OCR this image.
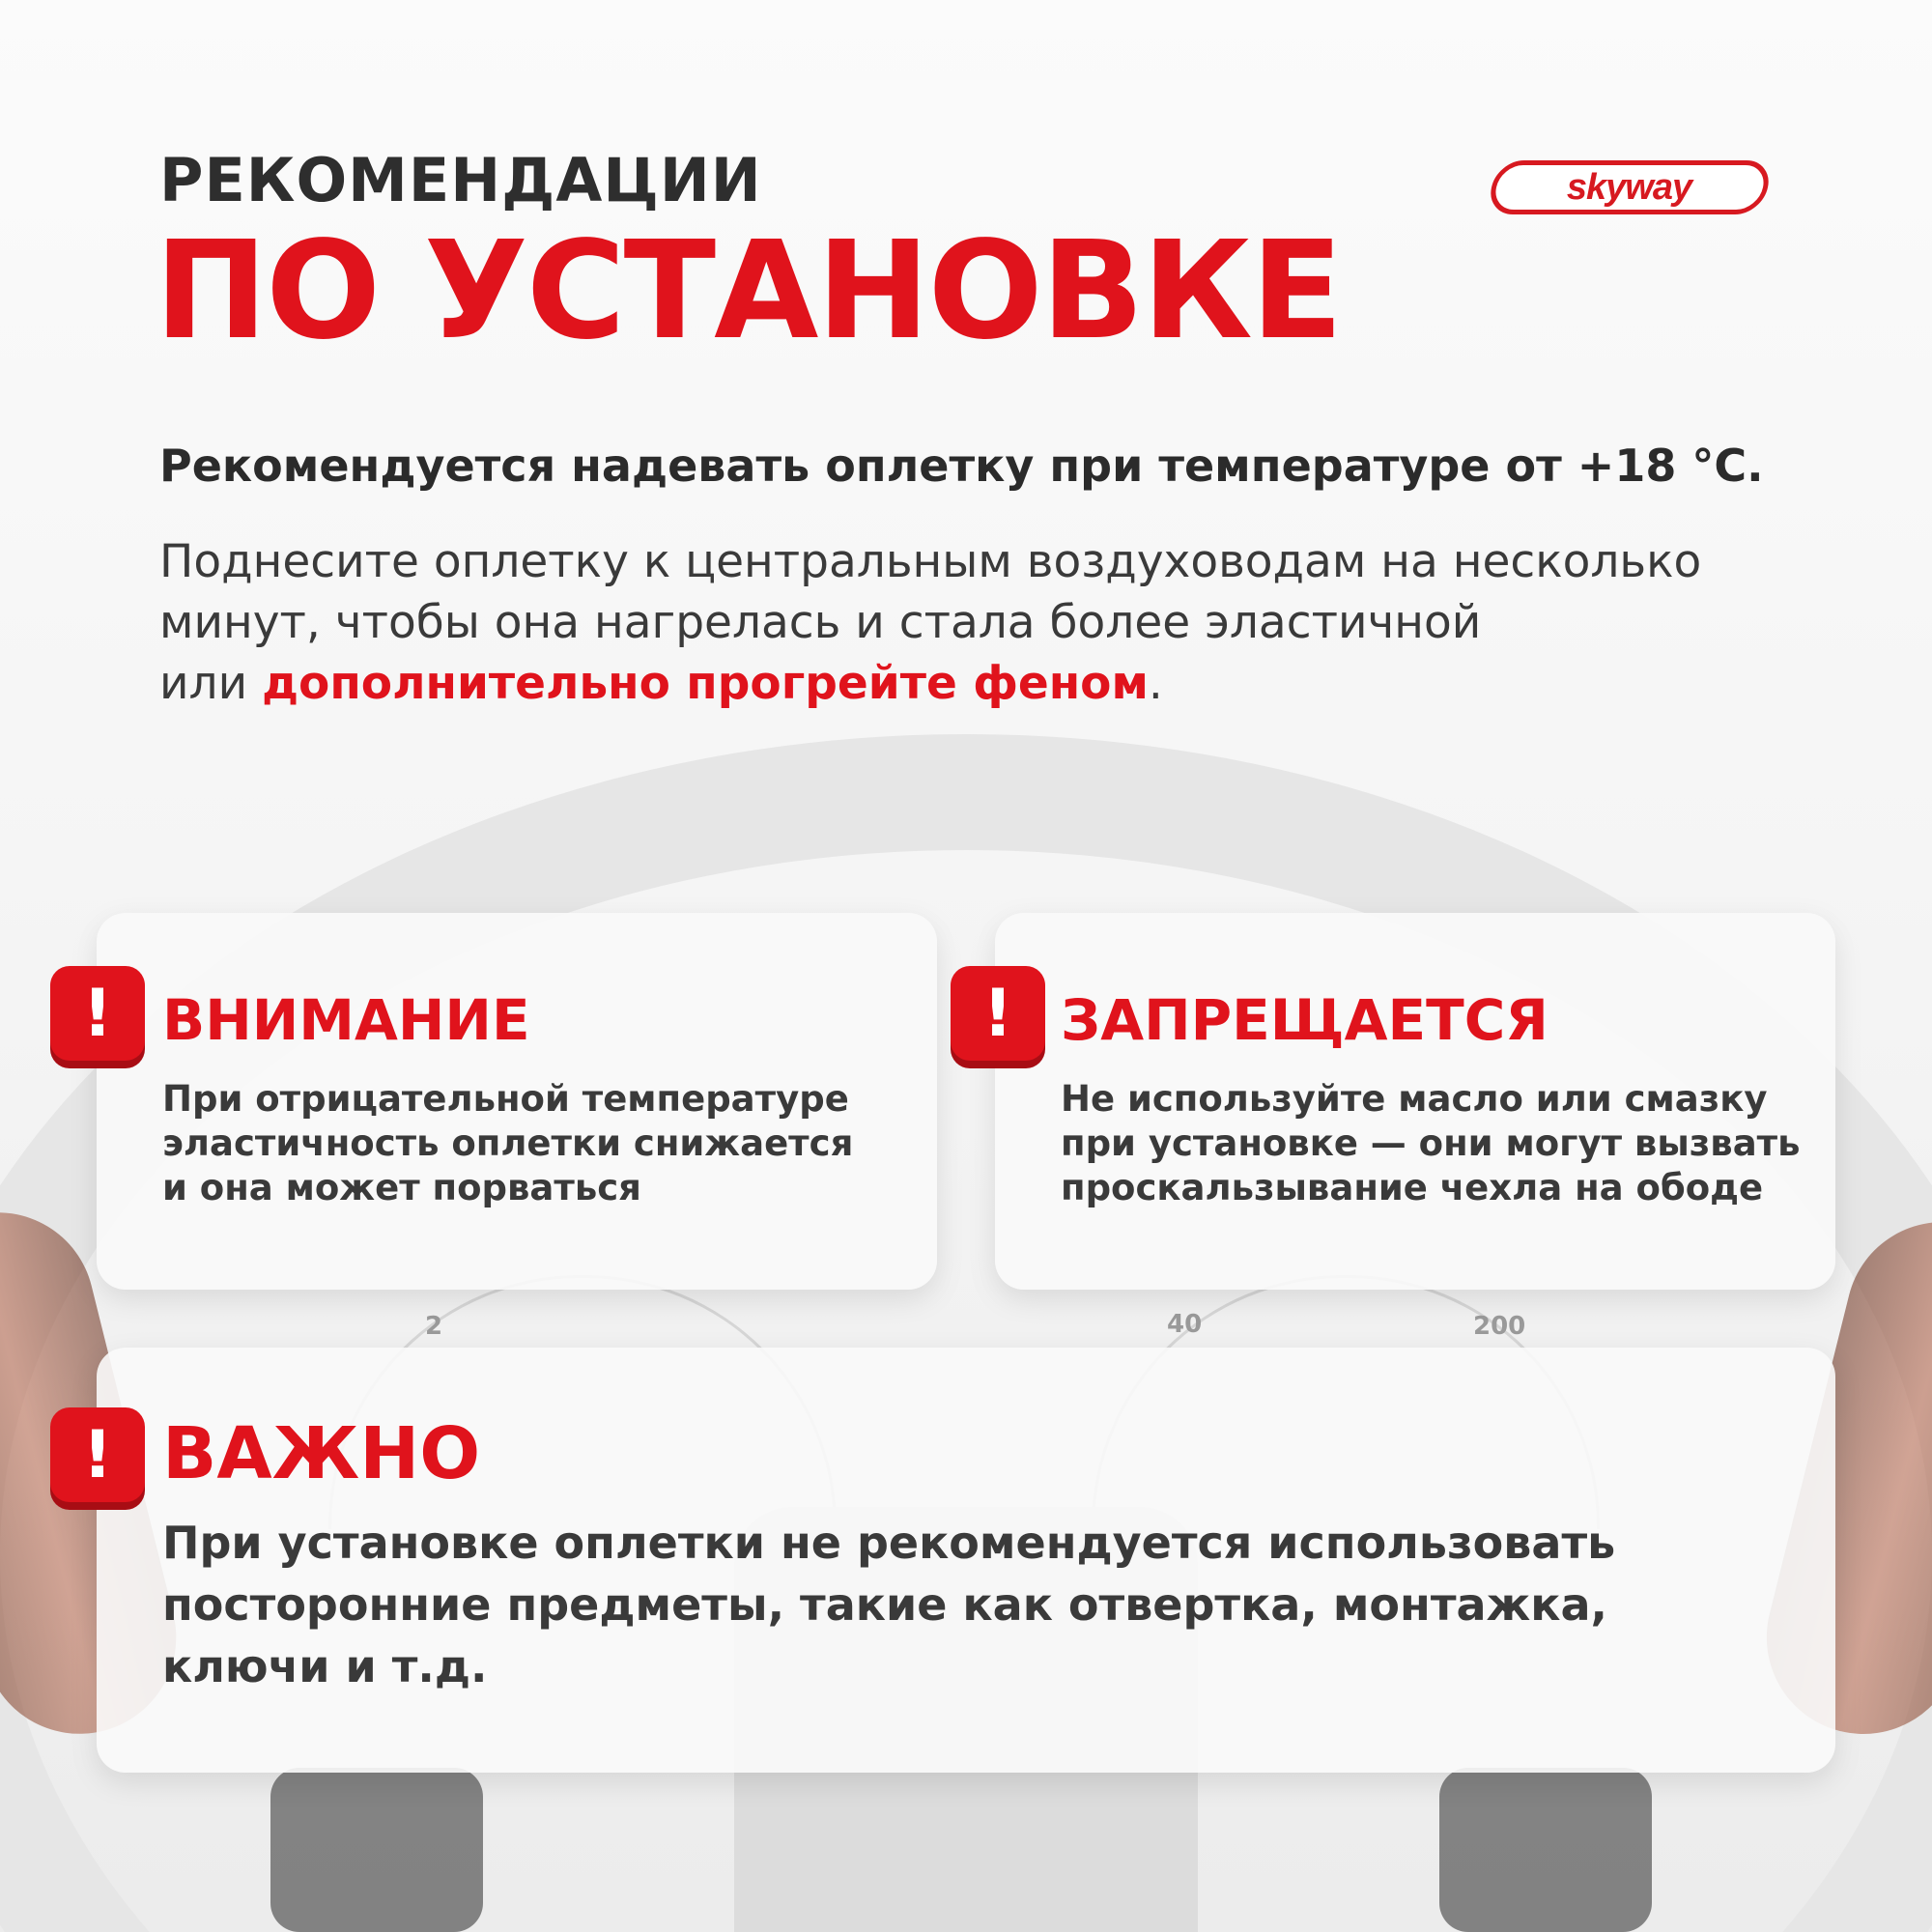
2	40	200
skyway
РЕКОМЕНДАЦИИ
ПО УСТАНОВКЕ
Рекомендуется надевать оплетку при температуре от +18 °С.
Поднесите оплетку к центральным воздуховодам на несколько
минут, чтобы она нагрелась и стала более эластичной
или дополнительно прогрейте феном.
! ВНИМАНИЕ
При отрицательной температуре
эластичность оплетки снижается
и она может порваться
! ЗАПРЕЩАЕТСЯ
Не используйте масло или смазку
при установке — они могут вызвать
проскальзывание чехла на ободе
! ВАЖНО
При установке оплетки не рекомендуется использовать
посторонние предметы, такие как отвертка, монтажка,
ключи и т.д.
